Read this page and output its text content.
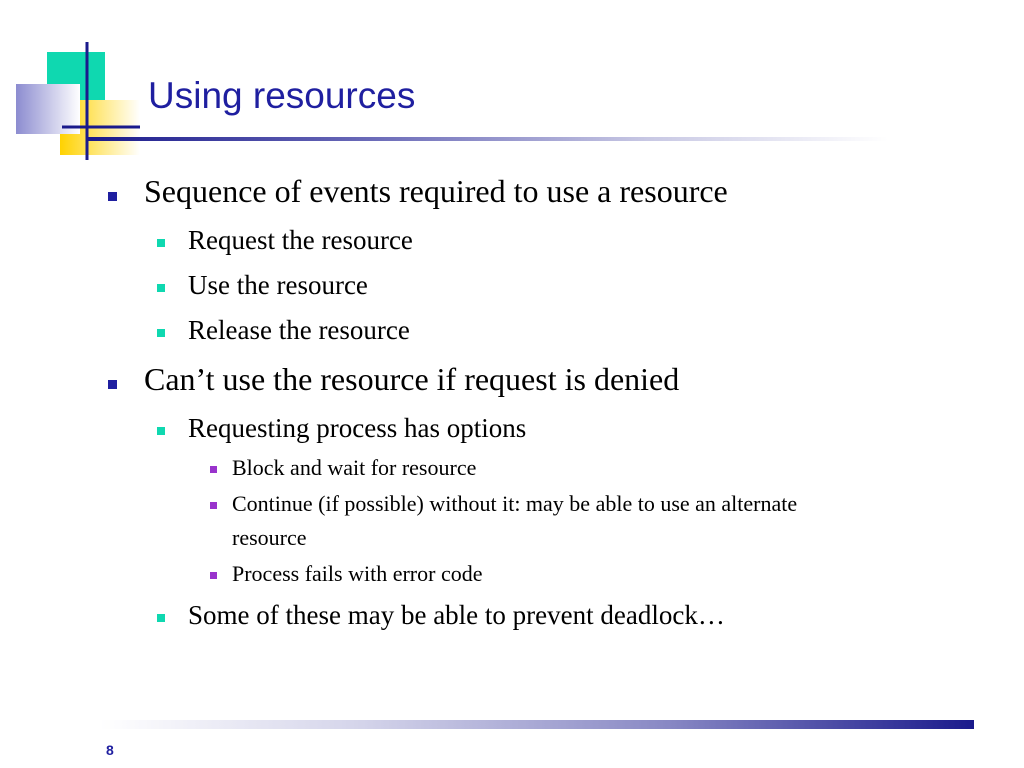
Using resources
Sequence of events required to use a resource
Request the resource
Use the resource
Release the resource
Can’t use the resource if request is denied
Requesting process has options
Block and wait for resource
Continue (if possible) without it: may be able to use an alternate
resource
Process fails with error code
Some of these may be able to prevent deadlock…
8
